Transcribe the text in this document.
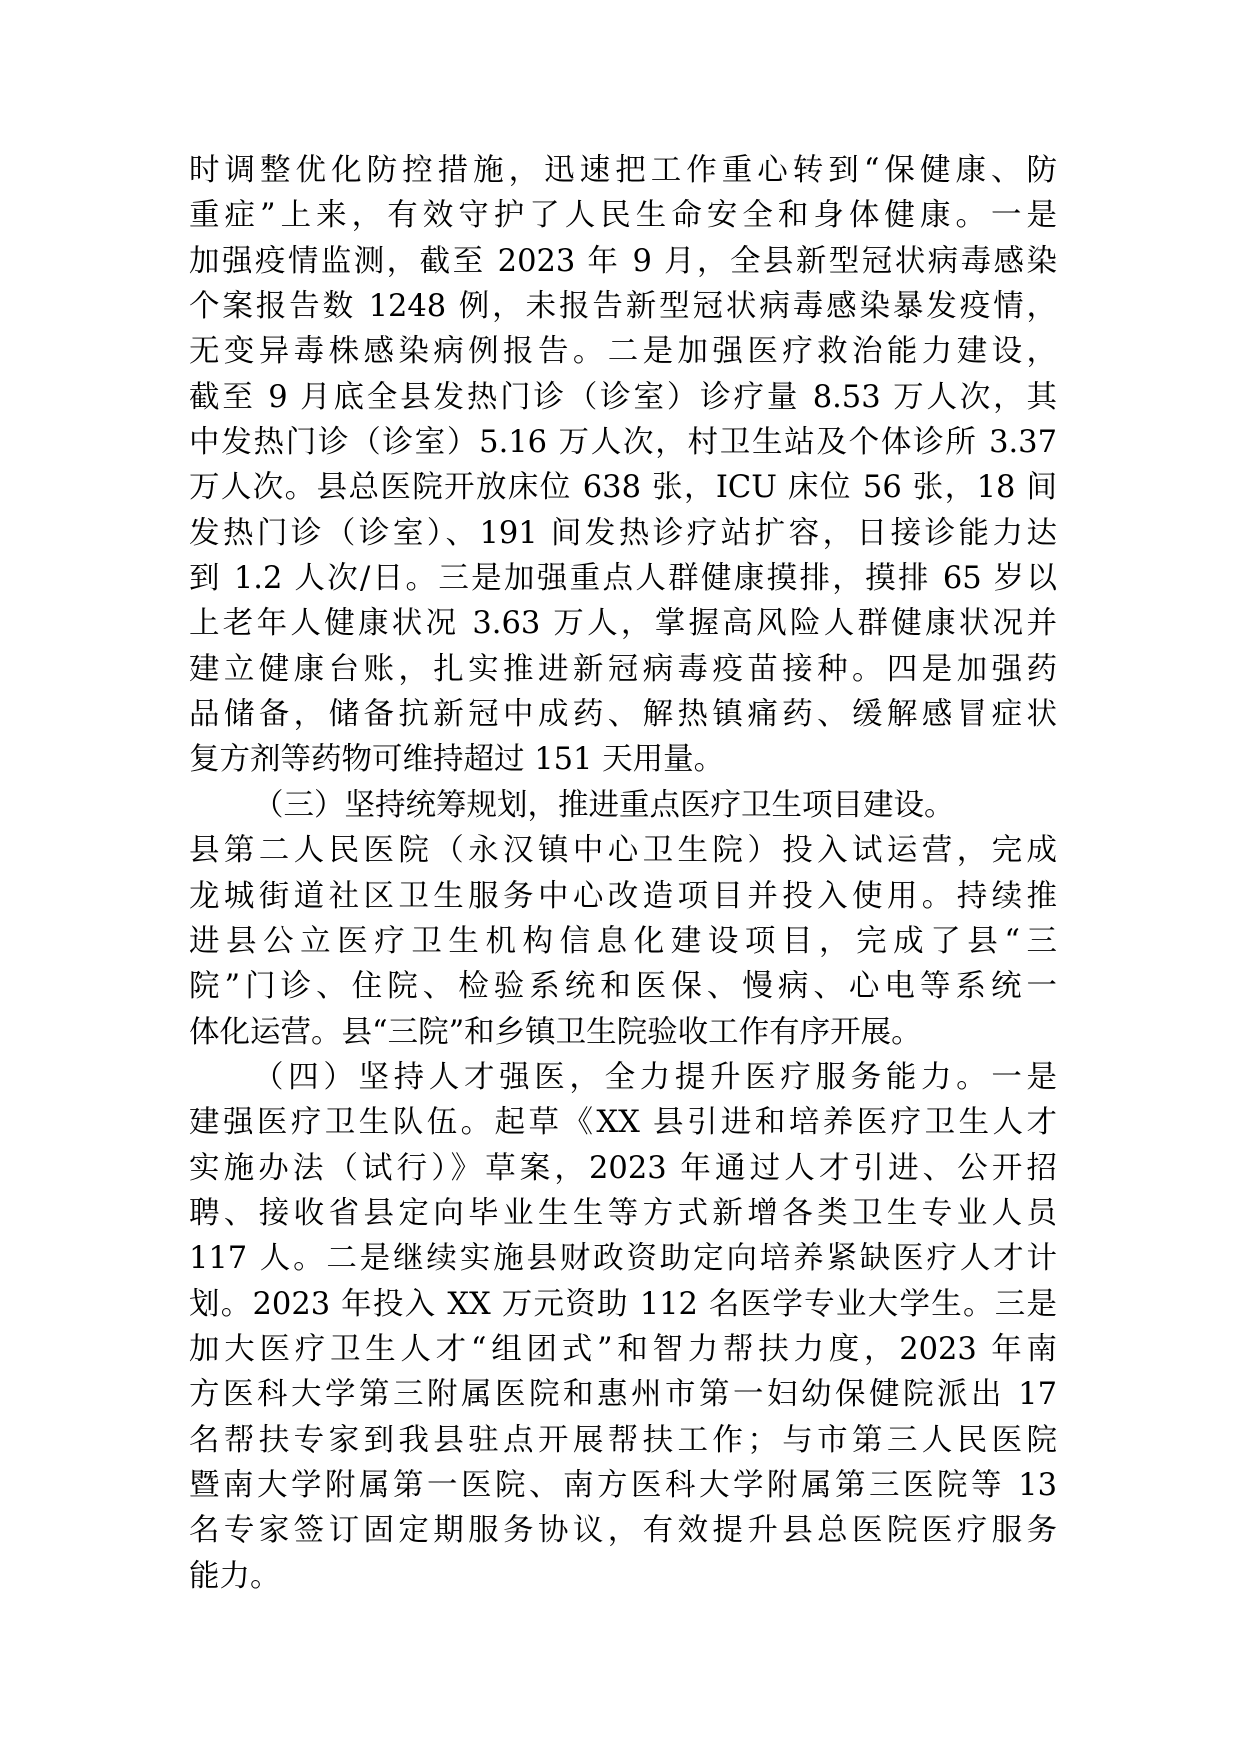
时调整优化防控措施，迅速把工作重心转到“保健康、防
重症”上来，有效守护了人民生命安全和身体健康。一是
加强疫情监测，截至 2023 年 9 月，全县新型冠状病毒感染
个案报告数 1248 例，未报告新型冠状病毒感染暴发疫情，
无变异毒株感染病例报告。二是加强医疗救治能力建设，
截至 9 月底全县发热门诊（诊室）诊疗量 8.53 万人次，其
中发热门诊（诊室）5.16 万人次，村卫生站及个体诊所 3.37
万人次。县总医院开放床位 638 张，ICU 床位 56 张，18 间
发热门诊（诊室）、191 间发热诊疗站扩容，日接诊能力达
到 1.2 人次/日。三是加强重点人群健康摸排，摸排 65 岁以
上老年人健康状况 3.63 万人，掌握高风险人群健康状况并
建立健康台账，扎实推进新冠病毒疫苗接种。四是加强药
品储备，储备抗新冠中成药、解热镇痛药、缓解感冒症状
复方剂等药物可维持超过 151 天用量。
（三）坚持统筹规划，推进重点医疗卫生项目建设。
县第二人民医院（永汉镇中心卫生院）投入试运营，完成
龙城街道社区卫生服务中心改造项目并投入使用。持续推
进县公立医疗卫生机构信息化建设项目，完成了县“三
院”门诊、住院、检验系统和医保、慢病、心电等系统一
体化运营。县“三院”和乡镇卫生院验收工作有序开展。
（四）坚持人才强医，全力提升医疗服务能力。一是
建强医疗卫生队伍。起草《XX 县引进和培养医疗卫生人才
实施办法（试行）》草案，2023 年通过人才引进、公开招
聘、接收省县定向毕业生生等方式新增各类卫生专业人员
117 人。二是继续实施县财政资助定向培养紧缺医疗人才计
划。2023 年投入 XX 万元资助 112 名医学专业大学生。三是
加大医疗卫生人才“组团式”和智力帮扶力度，2023 年南
方医科大学第三附属医院和惠州市第一妇幼保健院派出 17
名帮扶专家到我县驻点开展帮扶工作；与市第三人民医院
暨南大学附属第一医院、南方医科大学附属第三医院等 13
名专家签订固定期服务协议，有效提升县总医院医疗服务
能力。
